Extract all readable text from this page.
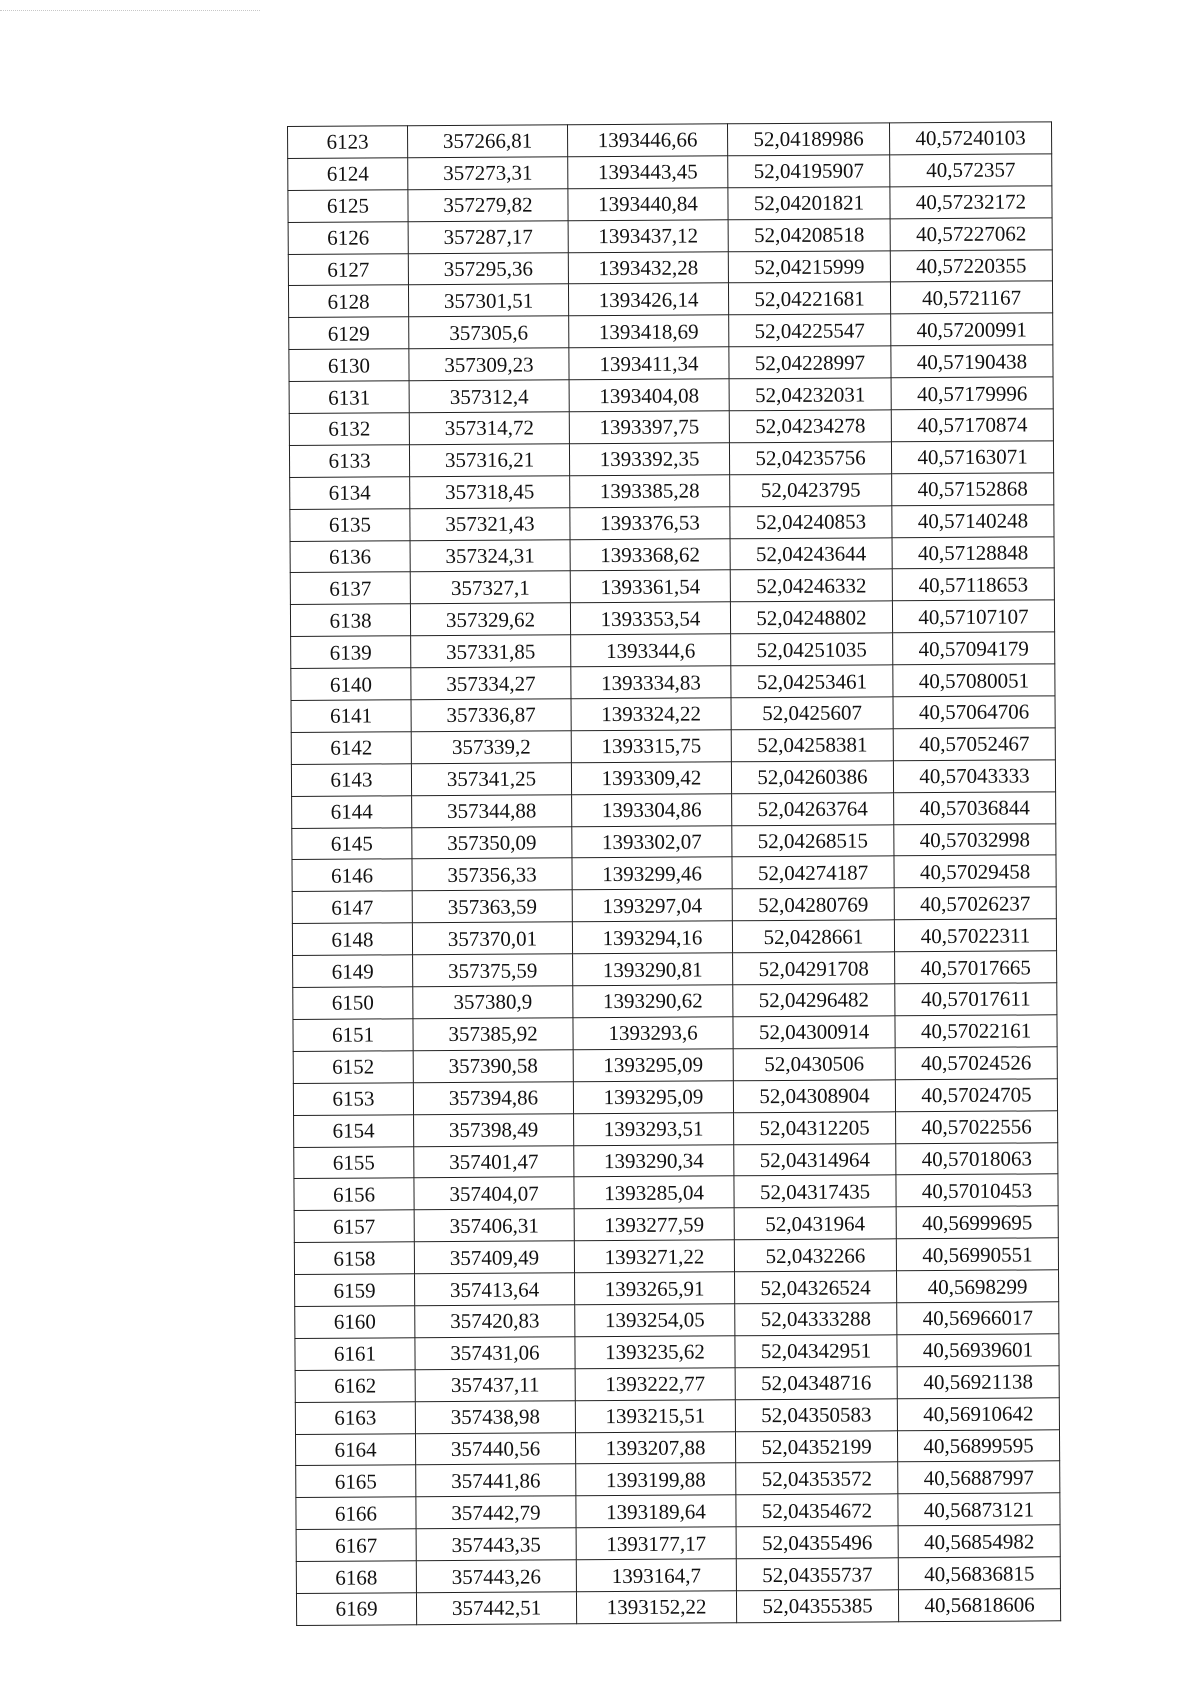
6123	357266,81	1393446,66	52,04189986	40,57240103
6124	357273,31	1393443,45	52,04195907	40,572357
6125	357279,82	1393440,84	52,04201821	40,57232172
6126	357287,17	1393437,12	52,04208518	40,57227062
6127	357295,36	1393432,28	52,04215999	40,57220355
6128	357301,51	1393426,14	52,04221681	40,5721167
6129	357305,6	1393418,69	52,04225547	40,57200991
6130	357309,23	1393411,34	52,04228997	40,57190438
6131	357312,4	1393404,08	52,04232031	40,57179996
6132	357314,72	1393397,75	52,04234278	40,57170874
6133	357316,21	1393392,35	52,04235756	40,57163071
6134	357318,45	1393385,28	52,0423795	40,57152868
6135	357321,43	1393376,53	52,04240853	40,57140248
6136	357324,31	1393368,62	52,04243644	40,57128848
6137	357327,1	1393361,54	52,04246332	40,57118653
6138	357329,62	1393353,54	52,04248802	40,57107107
6139	357331,85	1393344,6	52,04251035	40,57094179
6140	357334,27	1393334,83	52,04253461	40,57080051
6141	357336,87	1393324,22	52,0425607	40,57064706
6142	357339,2	1393315,75	52,04258381	40,57052467
6143	357341,25	1393309,42	52,04260386	40,57043333
6144	357344,88	1393304,86	52,04263764	40,57036844
6145	357350,09	1393302,07	52,04268515	40,57032998
6146	357356,33	1393299,46	52,04274187	40,57029458
6147	357363,59	1393297,04	52,04280769	40,57026237
6148	357370,01	1393294,16	52,0428661	40,57022311
6149	357375,59	1393290,81	52,04291708	40,57017665
6150	357380,9	1393290,62	52,04296482	40,57017611
6151	357385,92	1393293,6	52,04300914	40,57022161
6152	357390,58	1393295,09	52,0430506	40,57024526
6153	357394,86	1393295,09	52,04308904	40,57024705
6154	357398,49	1393293,51	52,04312205	40,57022556
6155	357401,47	1393290,34	52,04314964	40,57018063
6156	357404,07	1393285,04	52,04317435	40,57010453
6157	357406,31	1393277,59	52,0431964	40,56999695
6158	357409,49	1393271,22	52,0432266	40,56990551
6159	357413,64	1393265,91	52,04326524	40,5698299
6160	357420,83	1393254,05	52,04333288	40,56966017
6161	357431,06	1393235,62	52,04342951	40,56939601
6162	357437,11	1393222,77	52,04348716	40,56921138
6163	357438,98	1393215,51	52,04350583	40,56910642
6164	357440,56	1393207,88	52,04352199	40,56899595
6165	357441,86	1393199,88	52,04353572	40,56887997
6166	357442,79	1393189,64	52,04354672	40,56873121
6167	357443,35	1393177,17	52,04355496	40,56854982
6168	357443,26	1393164,7	52,04355737	40,56836815
6169	357442,51	1393152,22	52,04355385	40,56818606
